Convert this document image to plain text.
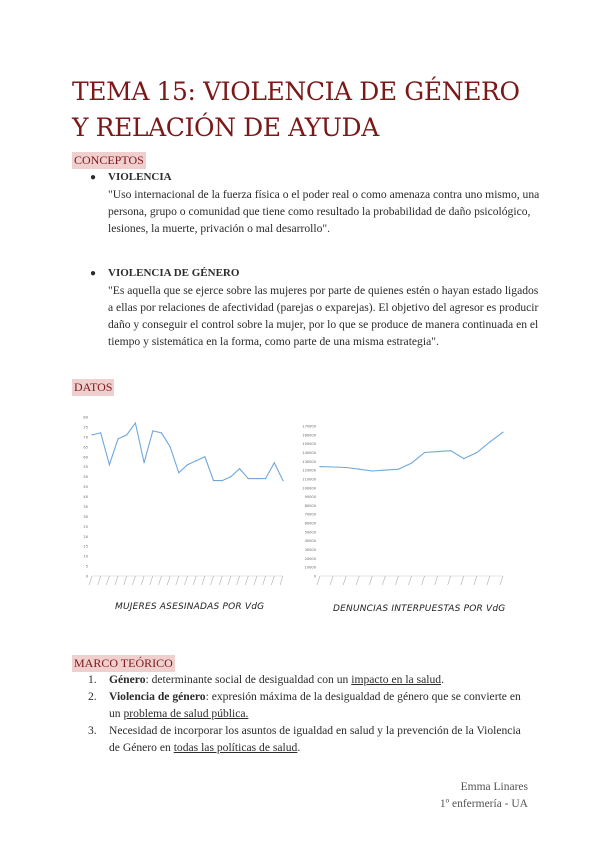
TEMA 15: VIOLENCIA DE GÉNERO Y RELACIÓN DE AYUDA
CONCEPTOS
● VIOLENCIA
"Uso internacional de la fuerza física o el poder real o como amenaza contra uno mismo, una persona, grupo o comunidad que tiene como resultado la probabilidad de daño psicológico, lesiones, la muerte, privación o mal desarrollo".
● VIOLENCIA DE GÉNERO
"Es aquella que se ejerce sobre las mujeres por parte de quienes estén o hayan estado ligados a ellas por relaciones de afectividad (parejas o exparejas). El objetivo del agresor es producir daño y conseguir el control sobre la mujer, por lo que se produce de manera continuada en el tiempo y sistemática en la forma, como parte de una misma estrategia".
DATOS
0
5
10
15
20
25
30
35
40
45
50
55
60
65
70
75
80
MUJERES ASESINADAS POR VdG
0
10000
20000
30000
40000
50000
60000
70000
80000
90000
100000
110000
120000
130000
140000
150000
160000
170000
DENUNCIAS INTERPUESTAS POR VdG
MARCO TEÓRICO
1. Género: determinante social de desigualdad con un impacto en la salud.
2. Violencia de género: expresión máxima de la desigualdad de género que se convierte en un problema de salud pública.
3. Necesidad de incorporar los asuntos de igualdad en salud y la prevención de la Violencia de Género en todas las políticas de salud.
Emma Linares
1º enfermería - UA
